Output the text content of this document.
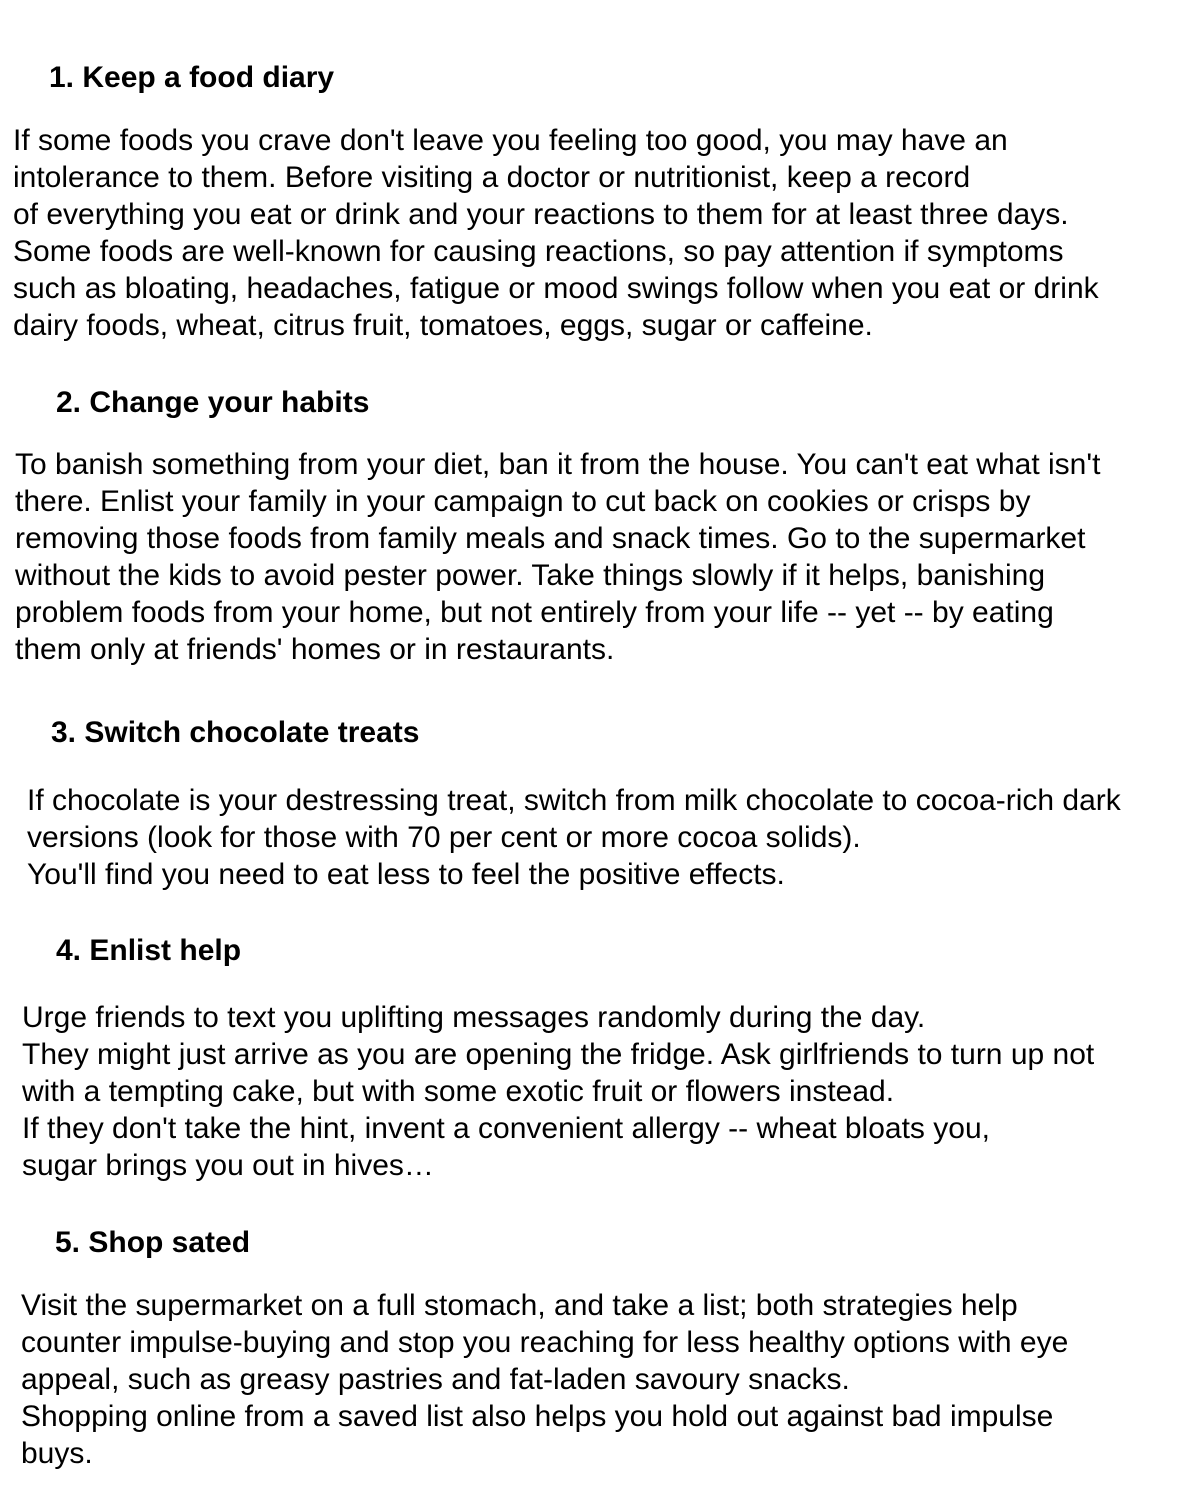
1. Keep a food diary
If some foods you crave don't leave you feeling too good, you may have an
intolerance to them. Before visiting a doctor or nutritionist, keep a record
of everything you eat or drink and your reactions to them for at least three days.
Some foods are well-known for causing reactions, so pay attention if symptoms
such as bloating, headaches, fatigue or mood swings follow when you eat or drink
dairy foods, wheat, citrus fruit, tomatoes, eggs, sugar or caffeine.
2. Change your habits
To banish something from your diet, ban it from the house. You can't eat what isn't
there. Enlist your family in your campaign to cut back on cookies or crisps by
removing those foods from family meals and snack times. Go to the supermarket
without the kids to avoid pester power. Take things slowly if it helps, banishing
problem foods from your home, but not entirely from your life -- yet -- by eating
them only at friends' homes or in restaurants.
3. Switch chocolate treats
If chocolate is your destressing treat, switch from milk chocolate to cocoa-rich dark
versions (look for those with 70 per cent or more cocoa solids).
You'll find you need to eat less to feel the positive effects.
4. Enlist help
Urge friends to text you uplifting messages randomly during the day.
They might just arrive as you are opening the fridge. Ask girlfriends to turn up not
with a tempting cake, but with some exotic fruit or flowers instead.
If they don't take the hint, invent a convenient allergy -- wheat bloats you,
sugar brings you out in hives…
5. Shop sated
Visit the supermarket on a full stomach, and take a list; both strategies help
counter impulse-buying and stop you reaching for less healthy options with eye
appeal, such as greasy pastries and fat-laden savoury snacks.
Shopping online from a saved list also helps you hold out against bad impulse
buys.
